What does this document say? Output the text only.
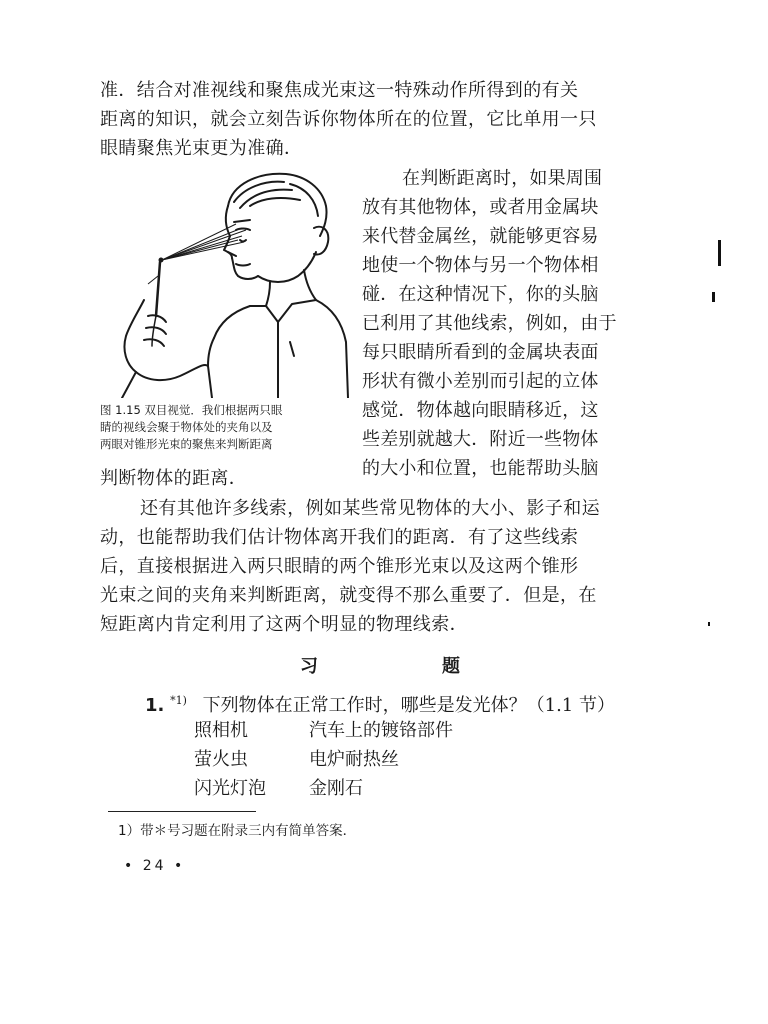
准．结合对准视线和聚焦成光束这一特殊动作所得到的有关
距离的知识，就会立刻告诉你物体所在的位置，它比单用一只
眼睛聚焦光束更为准确．
图 1.15 双目视觉．我们根据两只眼
睛的视线会聚于物体处的夹角以及
两眼对锥形光束的聚焦来判断距离
在判断距离时，如果周围
放有其他物体，或者用金属块
来代替金属丝，就能够更容易
地使一个物体与另一个物体相
碰．在这种情况下，你的头脑
已利用了其他线索，例如，由于
每只眼睛所看到的金属块表面
形状有微小差别而引起的立体
感觉．物体越向眼睛移近，这
些差别就越大．附近一些物体
的大小和位置，也能帮助头脑
判断物体的距离．
还有其他许多线索，例如某些常见物体的大小、影子和运
动，也能帮助我们估计物体离开我们的距离．有了这些线索
后，直接根据进入两只眼睛的两个锥形光束以及这两个锥形
光束之间的夹角来判断距离，就变得不那么重要了．但是，在
短距离内肯定利用了这两个明显的物理线索．
习	题
1. $^{*1)}$ 下列物体在正常工作时，哪些是发光体？（1.1 节）
照相机	汽车上的镀铬部件
萤火虫	电炉耐热丝
闪光灯泡	金刚石
1）带＊号习题在附录三内有简单答案．
• 24 •
